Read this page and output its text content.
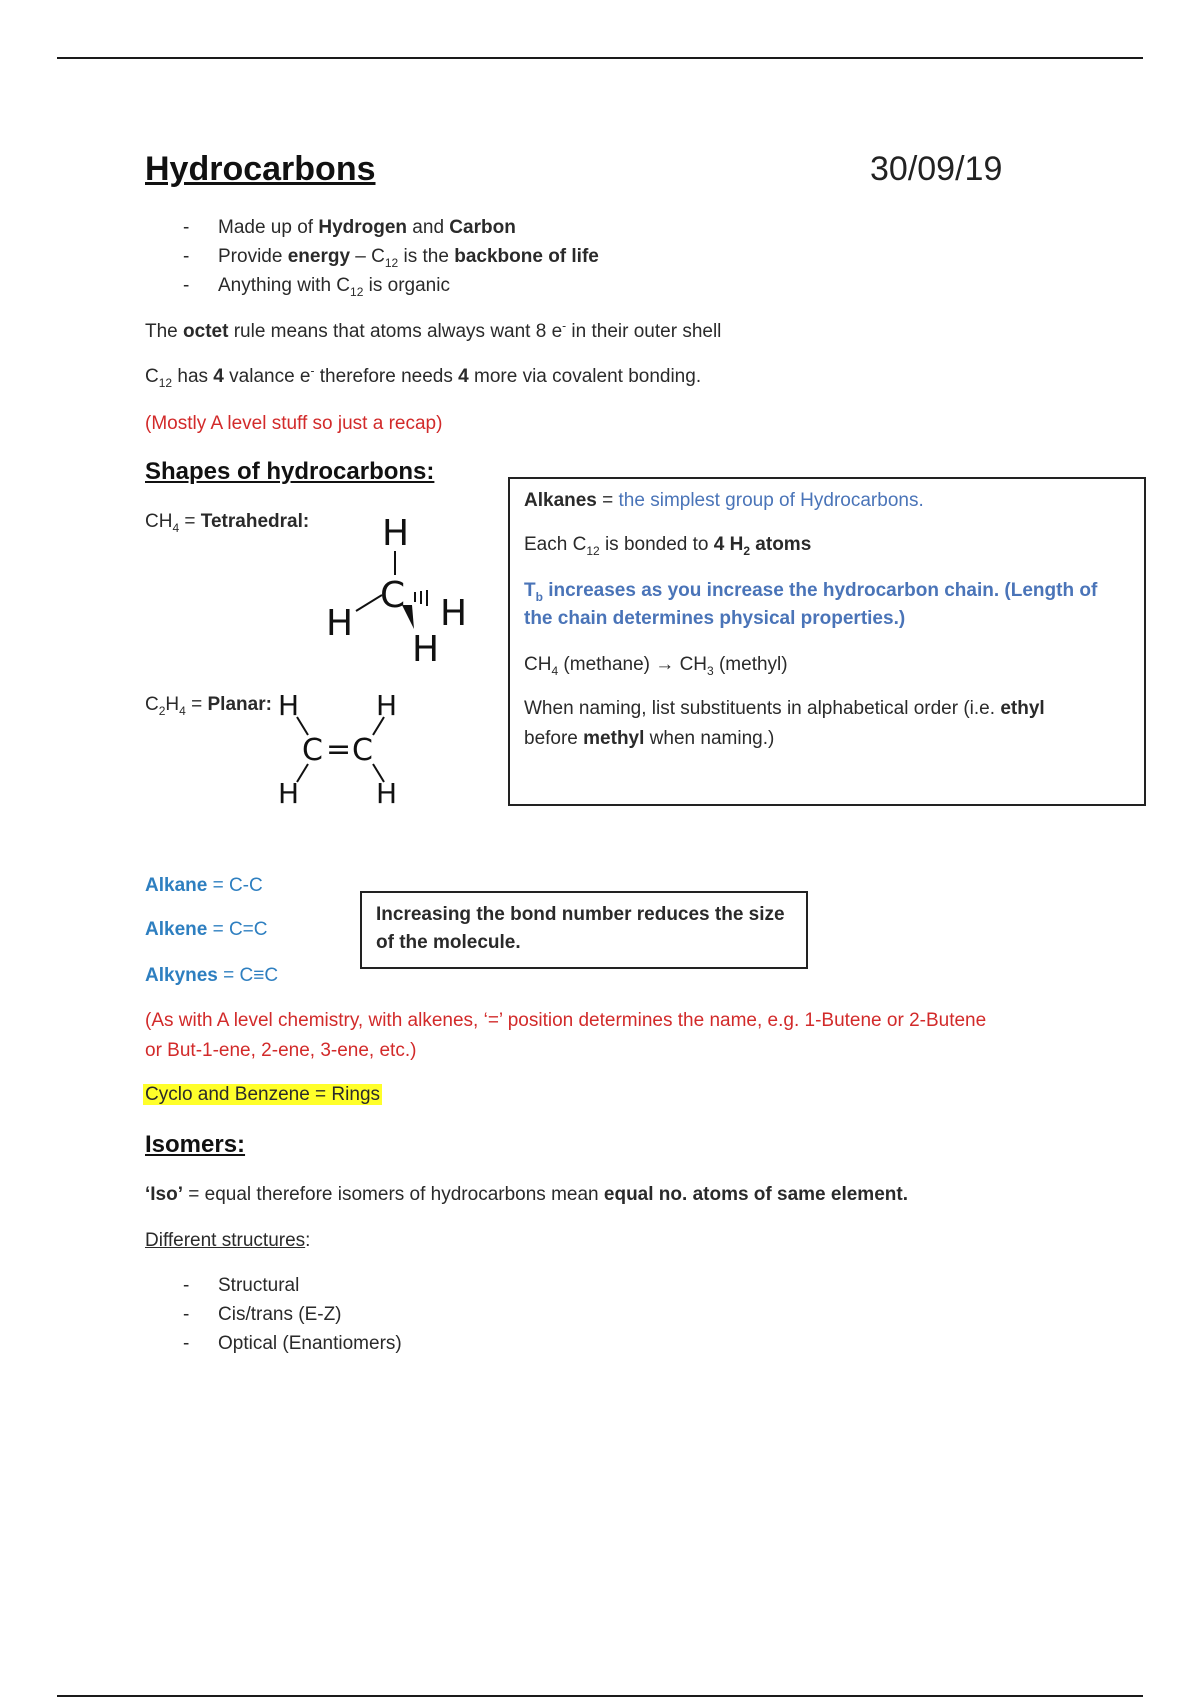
Hydrocarbons	30/09/19
- Made up of Hydrogen and Carbon
- Provide energy – $C_{12}$ is the backbone of life
- Anything with $C_{12}$ is organic
The octet rule means that atoms always want 8 e- in their outer shell
$C_{12}$ has 4 valance e- therefore needs 4 more via covalent bonding.
(Mostly A level stuff so just a recap)
Shapes of hydrocarbons:
$CH_4$ = Tetrahedral: H
C
H H
H
$C_2H_4$ = Planar: H	H
C = C
H	H
Alkanes = the simplest group of Hydrocarbons.
Each $C_{12}$ is bonded to 4 $H_2$ atoms
$T_b$ increases as you increase the hydrocarbon chain. (Length of
the chain determines physical properties.)
$CH_4$ (methane) → $CH_3$ (methyl)
When naming, list substituents in alphabetical order (i.e. ethyl
before methyl when naming.)
Alkane = C-C
Alkene = C=C
Alkynes = C≡C
Increasing the bond number reduces the size
of the molecule.
(As with A level chemistry, with alkenes, ‘=’ position determines the name, e.g. 1-Butene or 2-Butene
or But-1-ene, 2-ene, 3-ene, etc.)
Cyclo and Benzene = Rings
Isomers:
‘Iso’ = equal therefore isomers of hydrocarbons mean equal no. atoms of same element.
Different structures:
- Structural
- Cis/trans (E-Z)
- Optical (Enantiomers)
